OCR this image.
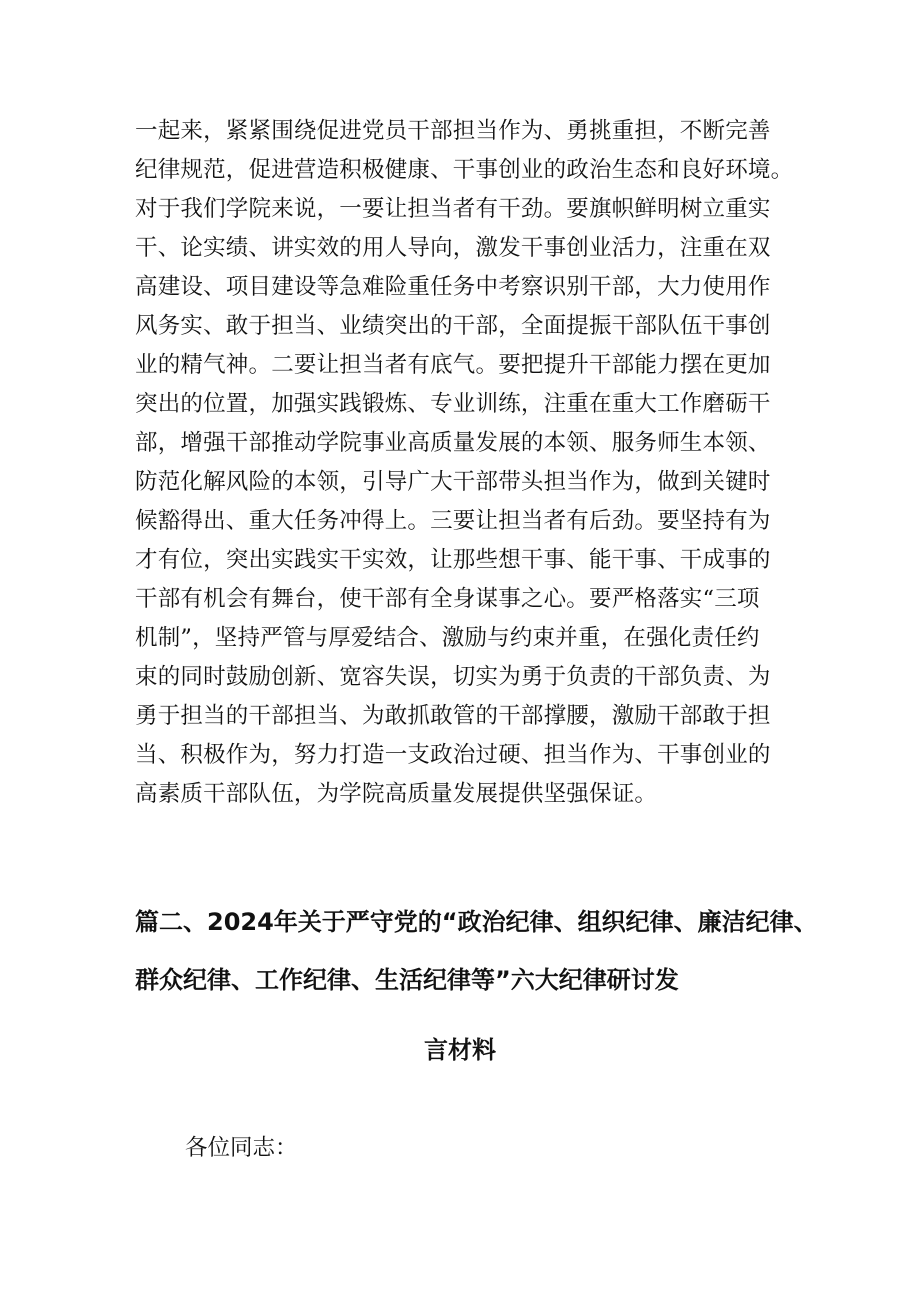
一起来，紧紧围绕促进党员干部担当作为、勇挑重担，不断完善
纪律规范，促进营造积极健康、干事创业的政治生态和良好环境。
对于我们学院来说，一要让担当者有干劲。要旗帜鲜明树立重实
干、论实绩、讲实效的用人导向，激发干事创业活力，注重在双
高建设、项目建设等急难险重任务中考察识别干部，大力使用作
风务实、敢于担当、业绩突出的干部，全面提振干部队伍干事创
业的精气神。二要让担当者有底气。要把提升干部能力摆在更加
突出的位置，加强实践锻炼、专业训练，注重在重大工作磨砺干
部，增强干部推动学院事业高质量发展的本领、服务师生本领、
防范化解风险的本领，引导广大干部带头担当作为，做到关键时
候豁得出、重大任务冲得上。三要让担当者有后劲。要坚持有为
才有位，突出实践实干实效，让那些想干事、能干事、干成事的
干部有机会有舞台，使干部有全身谋事之心。要严格落实“三项
机制”，坚持严管与厚爱结合、激励与约束并重，在强化责任约
束的同时鼓励创新、宽容失误，切实为勇于负责的干部负责、为
勇于担当的干部担当、为敢抓敢管的干部撑腰，激励干部敢于担
当、积极作为，努力打造一支政治过硬、担当作为、干事创业的
高素质干部队伍，为学院高质量发展提供坚强保证。
篇二、2024年关于严守党的“政治纪律、组织纪律、廉洁纪律、
群众纪律、工作纪律、生活纪律等”六大纪律研讨发
言材料
各位同志：
